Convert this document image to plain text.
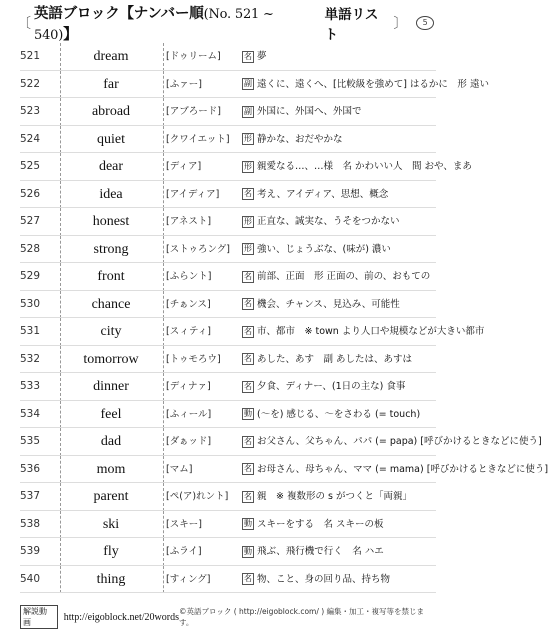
〔
英語ブロック【ナンバー順(No. 521 ~ 540)】
単語リスト
〕	5
521	dream	[ドゥリーム]	名 夢
522	far	[ふァー]	副 遠くに、遠くへ、[比較級を強めて] はるかに　形 遠い
523	abroad	[アブろード]	副 外国に、外国へ、外国で
524	quiet	[クワイエット]	形 静かな、おだやかな
525	dear	[ディア]	形 親愛なる…、…様　名 かわいい人　間 おや、まあ
526	idea	[アイディア]	名 考え、アイディア、思想、概念
527	honest	[アネスト]	形 正直な、誠実な、うそをつかない
528	strong	[ストゥろング]	形 強い、じょうぶな、(味が) 濃い
529	front	[ふらント]	名 前部、正面　形 正面の、前の、おもての
530	chance	[チぁンス]	名 機会、チャンス、見込み、可能性
531	city	[スィティ]	名 市、都市　※ town より人口や規模などが大きい都市
532	tomorrow	[トゥモろウ]	名 あした、あす　副 あしたは、あすは
533	dinner	[ディナァ]	名 夕食、ディナー、(1日の主な) 食事
534	feel	[ふィール]	動 (～を) 感じる、～をさわる (= touch)
535	dad	[ダぁッド]	名 お父さん、父ちゃん、パパ (= papa) [呼びかけるときなどに使う]
536	mom	[マム]	名 お母さん、母ちゃん、ママ (= mama) [呼びかけるときなどに使う]
537	parent	[ペ(ア)れント]	名 親　※ 複数形の s がつくと「両親」
538	ski	[スキー]	動 スキーをする　名 スキーの板
539	fly	[ふライ]	動 飛ぶ、飛行機で行く　名 ハエ
540	thing	[すィング]	名 物、こと、身の回り品、持ち物
解説動画	http://eigoblock.net/20words ©英語ブロック ( http://eigoblock.com/ ) 編集・加工・複写等を禁じます。
